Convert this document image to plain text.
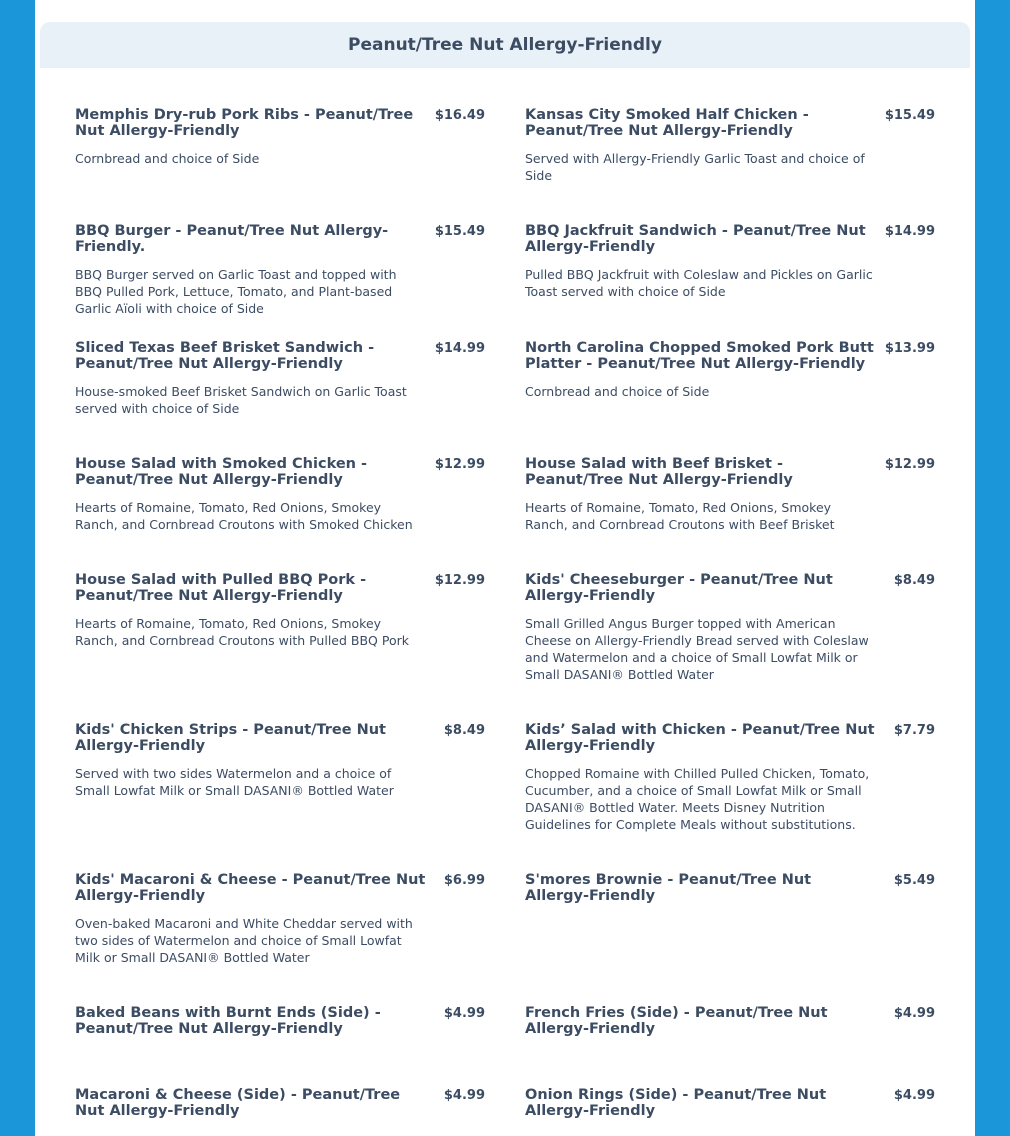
Peanut/Tree Nut Allergy-Friendly
Memphis Dry-rub Pork Ribs - Peanut/Tree Nut Allergy-Friendly
$16.49
Cornbread and choice of Side
Kansas City Smoked Half Chicken - Peanut/Tree Nut Allergy-Friendly
$15.49
Served with Allergy-Friendly Garlic Toast and choice of Side
BBQ Burger - Peanut/Tree Nut Allergy-Friendly.
$15.49
BBQ Burger served on Garlic Toast and topped with BBQ Pulled Pork, Lettuce, Tomato, and Plant-based Garlic Aïoli with choice of Side
BBQ Jackfruit Sandwich - Peanut/Tree Nut Allergy-Friendly
$14.99
Pulled BBQ Jackfruit with Coleslaw and Pickles on Garlic Toast served with choice of Side
Sliced Texas Beef Brisket Sandwich - Peanut/Tree Nut Allergy-Friendly
$14.99
House-smoked Beef Brisket Sandwich on Garlic Toast served with choice of Side
North Carolina Chopped Smoked Pork Butt Platter - Peanut/Tree Nut Allergy-Friendly
$13.99
Cornbread and choice of Side
House Salad with Smoked Chicken - Peanut/Tree Nut Allergy-Friendly
$12.99
Hearts of Romaine, Tomato, Red Onions, Smokey Ranch, and Cornbread Croutons with Smoked Chicken
House Salad with Beef Brisket - Peanut/Tree Nut Allergy-Friendly
$12.99
Hearts of Romaine, Tomato, Red Onions, Smokey Ranch, and Cornbread Croutons with Beef Brisket
House Salad with Pulled BBQ Pork - Peanut/Tree Nut Allergy-Friendly
$12.99
Hearts of Romaine, Tomato, Red Onions, Smokey Ranch, and Cornbread Croutons with Pulled BBQ Pork
Kids' Cheeseburger - Peanut/Tree Nut Allergy-Friendly
$8.49
Small Grilled Angus Burger topped with American Cheese on Allergy-Friendly Bread served with Coleslaw and Watermelon and a choice of Small Lowfat Milk or Small DASANI® Bottled Water
Kids' Chicken Strips - Peanut/Tree Nut Allergy-Friendly
$8.49
Served with two sides Watermelon and a choice of Small Lowfat Milk or Small DASANI® Bottled Water
Kids’ Salad with Chicken - Peanut/Tree Nut Allergy-Friendly
$7.79
Chopped Romaine with Chilled Pulled Chicken, Tomato, Cucumber, and a choice of Small Lowfat Milk or Small DASANI® Bottled Water. Meets Disney Nutrition Guidelines for Complete Meals without substitutions.
Kids' Macaroni & Cheese - Peanut/Tree Nut Allergy-Friendly
$6.99
Oven-baked Macaroni and White Cheddar served with two sides of Watermelon and choice of Small Lowfat Milk or Small DASANI® Bottled Water
S'mores Brownie - Peanut/Tree Nut Allergy-Friendly
$5.49
Baked Beans with Burnt Ends (Side) - Peanut/Tree Nut Allergy-Friendly
$4.99	French Fries (Side) - Peanut/Tree Nut Allergy-Friendly
$4.99
Macaroni & Cheese (Side) - Peanut/Tree Nut Allergy-Friendly
$4.99	Onion Rings (Side) - Peanut/Tree Nut Allergy-Friendly
$4.99
